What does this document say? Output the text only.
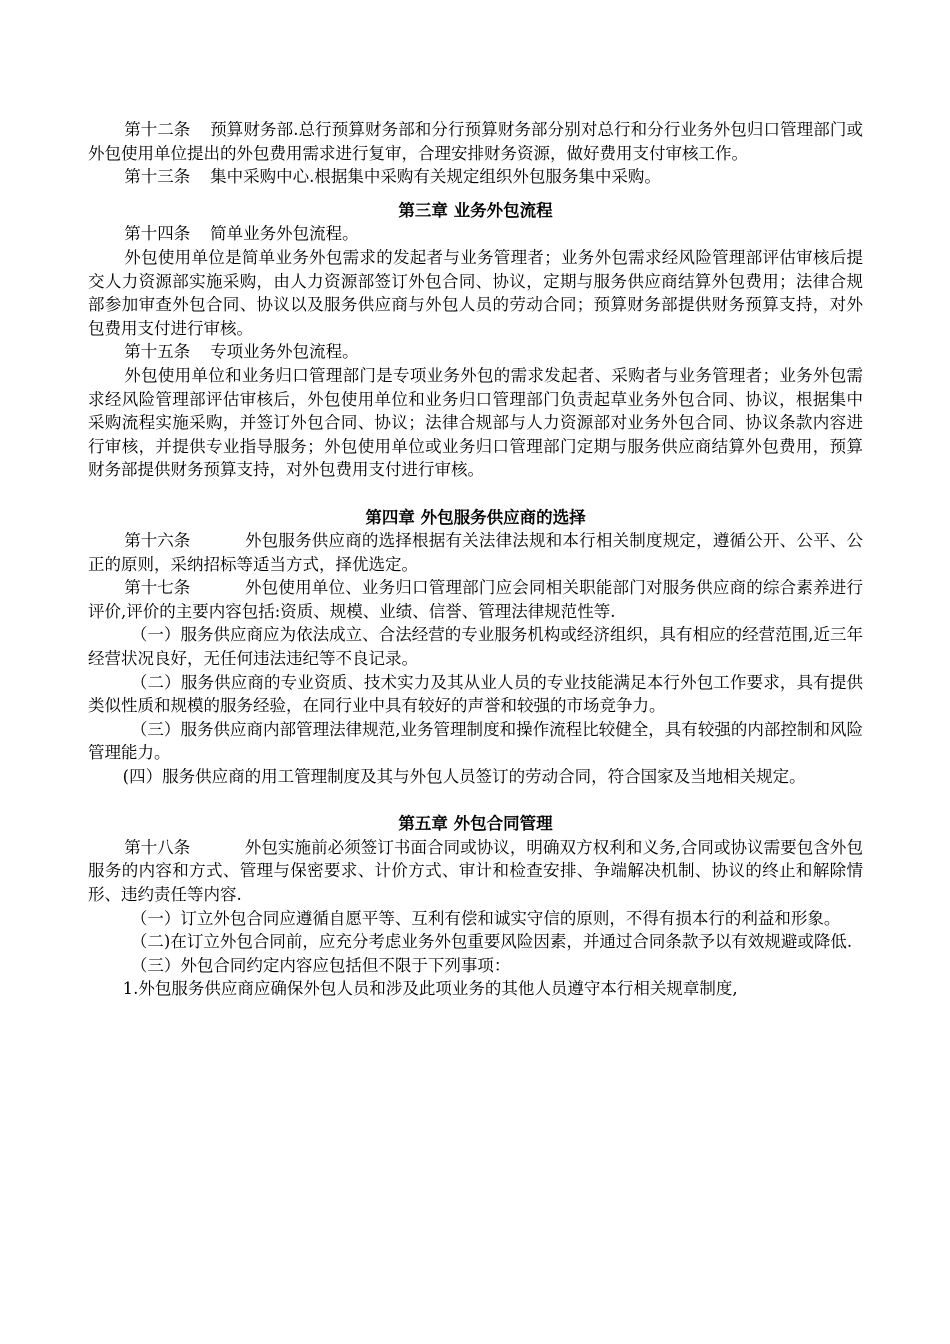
第十二条 预算财务部.总行预算财务部和分行预算财务部分别对总行和分行业务外包归口管理部门或外包使用单位提出的外包费用需求进行复审，合理安排财务资源，做好费用支付审核工作。

第十三条 集中采购中心.根据集中采购有关规定组织外包服务集中采购。

第三章 业务外包流程

第十四条 简单业务外包流程。

外包使用单位是简单业务外包需求的发起者与业务管理者；业务外包需求经风险管理部评估审核后提交人力资源部实施采购，由人力资源部签订外包合同、协议，定期与服务供应商结算外包费用；法律合规部参加审查外包合同、协议以及服务供应商与外包人员的劳动合同；预算财务部提供财务预算支持，对外包费用支付进行审核。

第十五条 专项业务外包流程。

外包使用单位和业务归口管理部门是专项业务外包的需求发起者、采购者与业务管理者；业务外包需求经风险管理部评估审核后，外包使用单位和业务归口管理部门负责起草业务外包合同、协议，根据集中采购流程实施采购，并签订外包合同、协议；法律合规部与人力资源部对业务外包合同、协议条款内容进行审核，并提供专业指导服务；外包使用单位或业务归口管理部门定期与服务供应商结算外包费用，预算财务部提供财务预算支持，对外包费用支付进行审核。

第四章 外包服务供应商的选择

第十六条	外包服务供应商的选择根据有关法律法规和本行相关制度规定，遵循公开、公平、公正的原则，采纳招标等适当方式，择优选定。

第十七条	外包使用单位、业务归口管理部门应会同相关职能部门对服务供应商的综合素养进行评价,评价的主要内容包括:资质、规模、业绩、信誉、管理法律规范性等.

（一）服务供应商应为依法成立、合法经营的专业服务机构或经济组织，具有相应的经营范围,近三年经营状况良好，无任何违法违纪等不良记录。

（二）服务供应商的专业资质、技术实力及其从业人员的专业技能满足本行外包工作要求，具有提供类似性质和规模的服务经验，在同行业中具有较好的声誉和较强的市场竞争力。

（三）服务供应商内部管理法律规范,业务管理制度和操作流程比较健全，具有较强的内部控制和风险管理能力。

(四）服务供应商的用工管理制度及其与外包人员签订的劳动合同，符合国家及当地相关规定。

第五章 外包合同管理

第十八条	外包实施前必须签订书面合同或协议，明确双方权利和义务,合同或协议需要包含外包服务的内容和方式、管理与保密要求、计价方式、审计和检查安排、争端解决机制、协议的终止和解除情形、违约责任等内容.

（一）订立外包合同应遵循自愿平等、互利有偿和诚实守信的原则，不得有损本行的利益和形象。

（二)在订立外包合同前，应充分考虑业务外包重要风险因素，并通过合同条款予以有效规避或降低.

（三）外包合同约定内容应包括但不限于下列事项：

1.外包服务供应商应确保外包人员和涉及此项业务的其他人员遵守本行相关规章制度,
